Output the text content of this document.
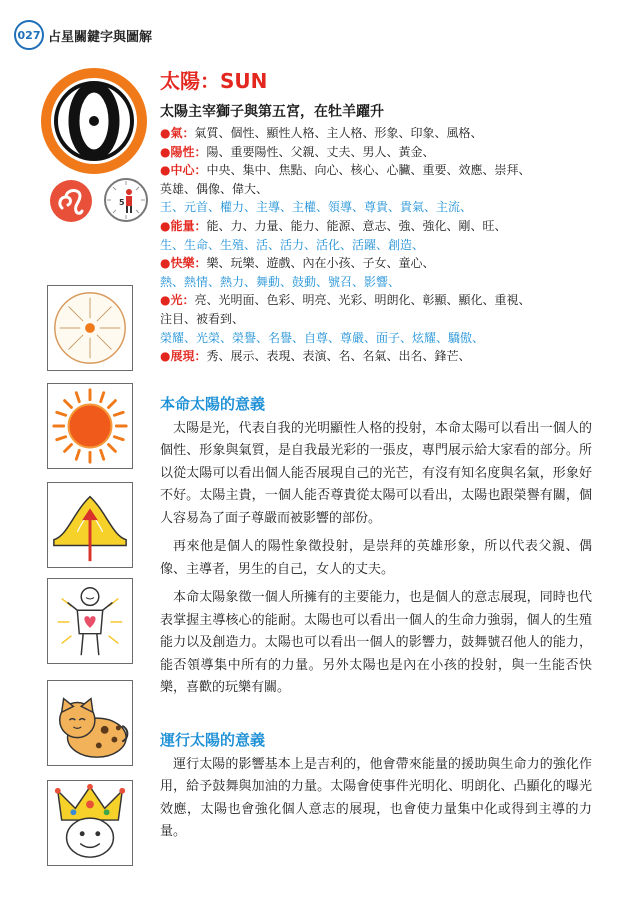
027 占星關鍵字與圖解
5
太陽：SUN
太陽主宰獅子與第五宮，在牡羊躍升
●氣：氣質、個性、顯性人格、主人格、形象、印象、風格、
●陽性：陽、重要陽性、父親、丈夫、男人、黃金、
●中心：中央、集中、焦點、向心、核心、心臟、重要、效應、崇拜、
英雄、偶像、偉大、
王、元首、權力、主導、主權、領導、尊貴、貴氣、主流、
●能量：能、力、力量、能力、能源、意志、強、強化、剛、旺、
生、生命、生殖、活、活力、活化、活躍、創造、
●快樂：樂、玩樂、遊戲、內在小孩、子女、童心、
熱、熱情、熱力、舞動、鼓動、號召、影響、
●光：亮、光明面、色彩、明亮、光彩、明朗化、彰顯、顯化、重視、
注目、被看到、
榮耀、光榮、榮譽、名譽、自尊、尊嚴、面子、炫耀、驕傲、
●展現：秀、展示、表現、表演、名、名氣、出名、鋒芒、
本命太陽的意義

太陽是光，代表自我的光明顯性人格的投射，本命太陽可以看出一個人的個性、形象與氣質，是自我最光彩的一張皮，專門展示給大家看的部分。所以從太陽可以看出個人能否展現自己的光芒，有沒有知名度與名氣，形象好不好。太陽主貴，一個人能否尊貴從太陽可以看出，太陽也跟榮譽有關，個人容易為了面子尊嚴而被影響的部份。

再來他是個人的陽性象徵投射，是崇拜的英雄形象，所以代表父親、偶像、主導者，男生的自己，女人的丈夫。

本命太陽象徵一個人所擁有的主要能力，也是個人的意志展現，同時也代表掌握主導核心的能耐。太陽也可以看出一個人的生命力強弱，個人的生殖能力以及創造力。太陽也可以看出一個人的影響力，鼓舞號召他人的能力，能否領導集中所有的力量。另外太陽也是內在小孩的投射，與一生能否快樂，喜歡的玩樂有關。

運行太陽的意義

運行太陽的影響基本上是吉利的，他會帶來能量的援助與生命力的強化作用，給予鼓舞與加油的力量。太陽會使事件光明化、明朗化、凸顯化的曝光效應，太陽也會強化個人意志的展現，也會使力量集中化或得到主導的力量。
